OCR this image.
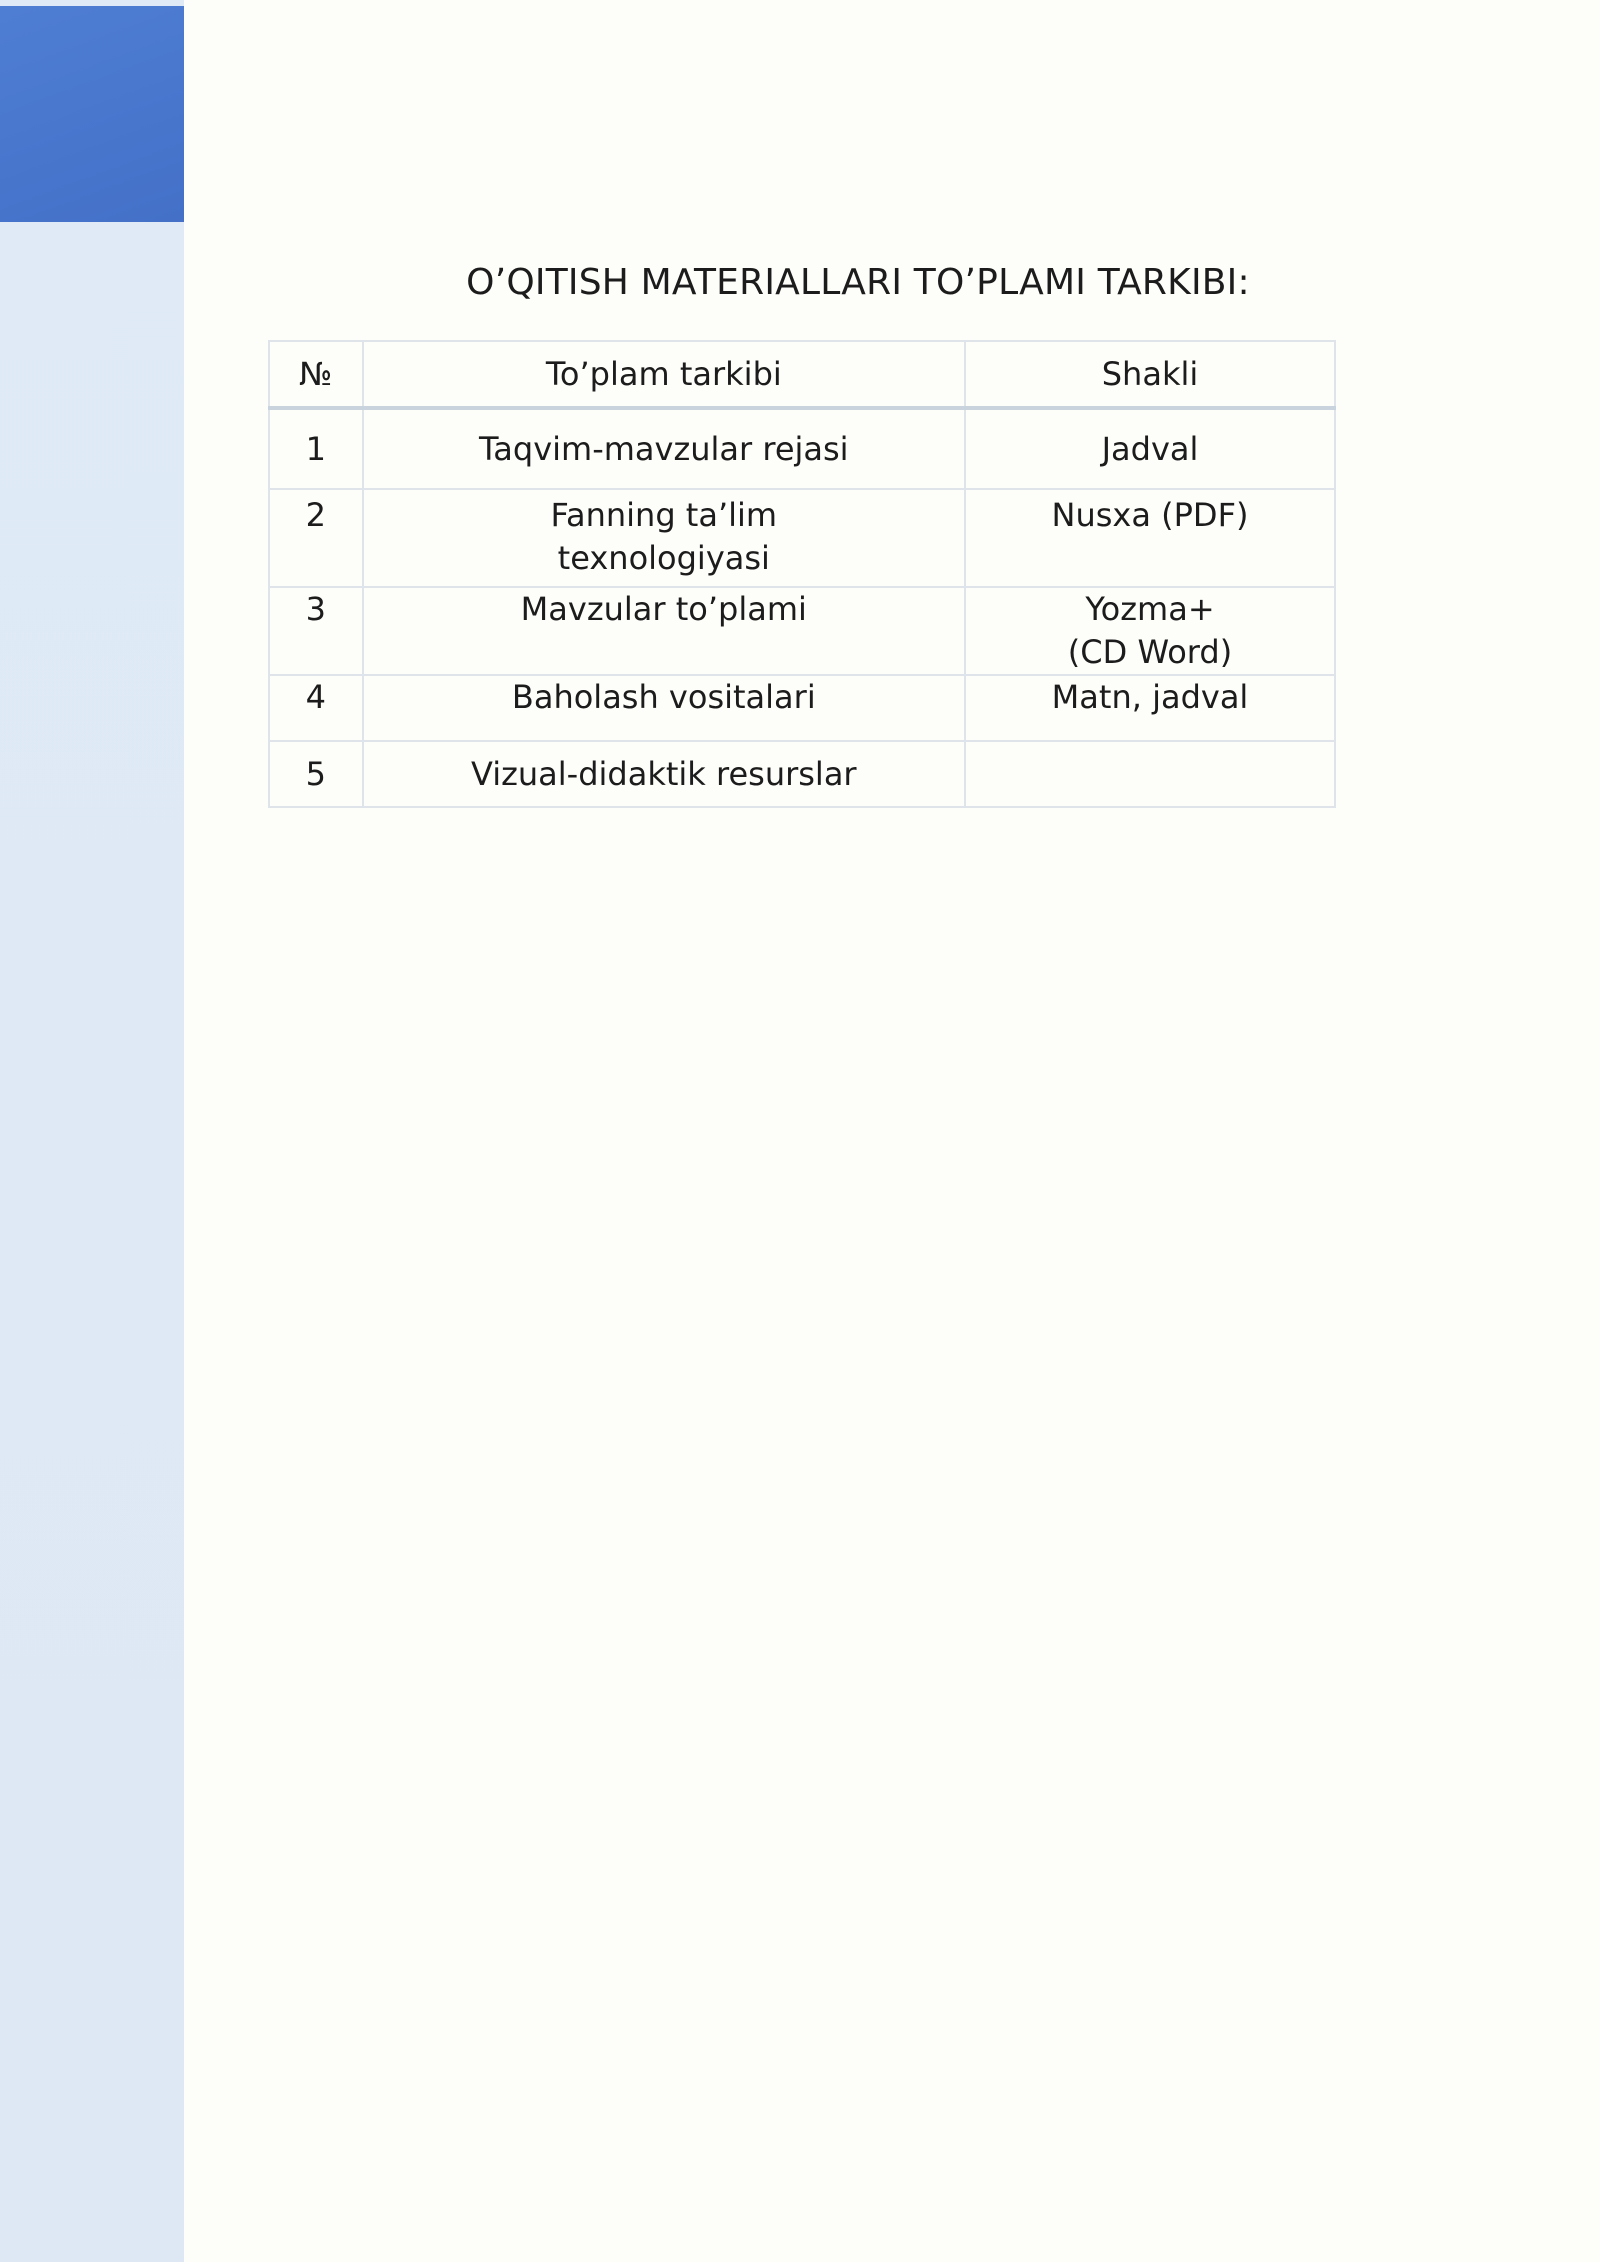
O’QITISH MATERIALLARI TO’PLAMI TARKIBI:
№	To’plam tarkibi	Shakli
1	Taqvim-mavzular rejasi	Jadval
2	Fanning ta’lim texnologiyasi	Nusxa (PDF)
3	Mavzular to’plami	Yozma+(CD Word)

4	Baholash vositalari	Matn, jadval
5	Vizual-didaktik resurslar	
